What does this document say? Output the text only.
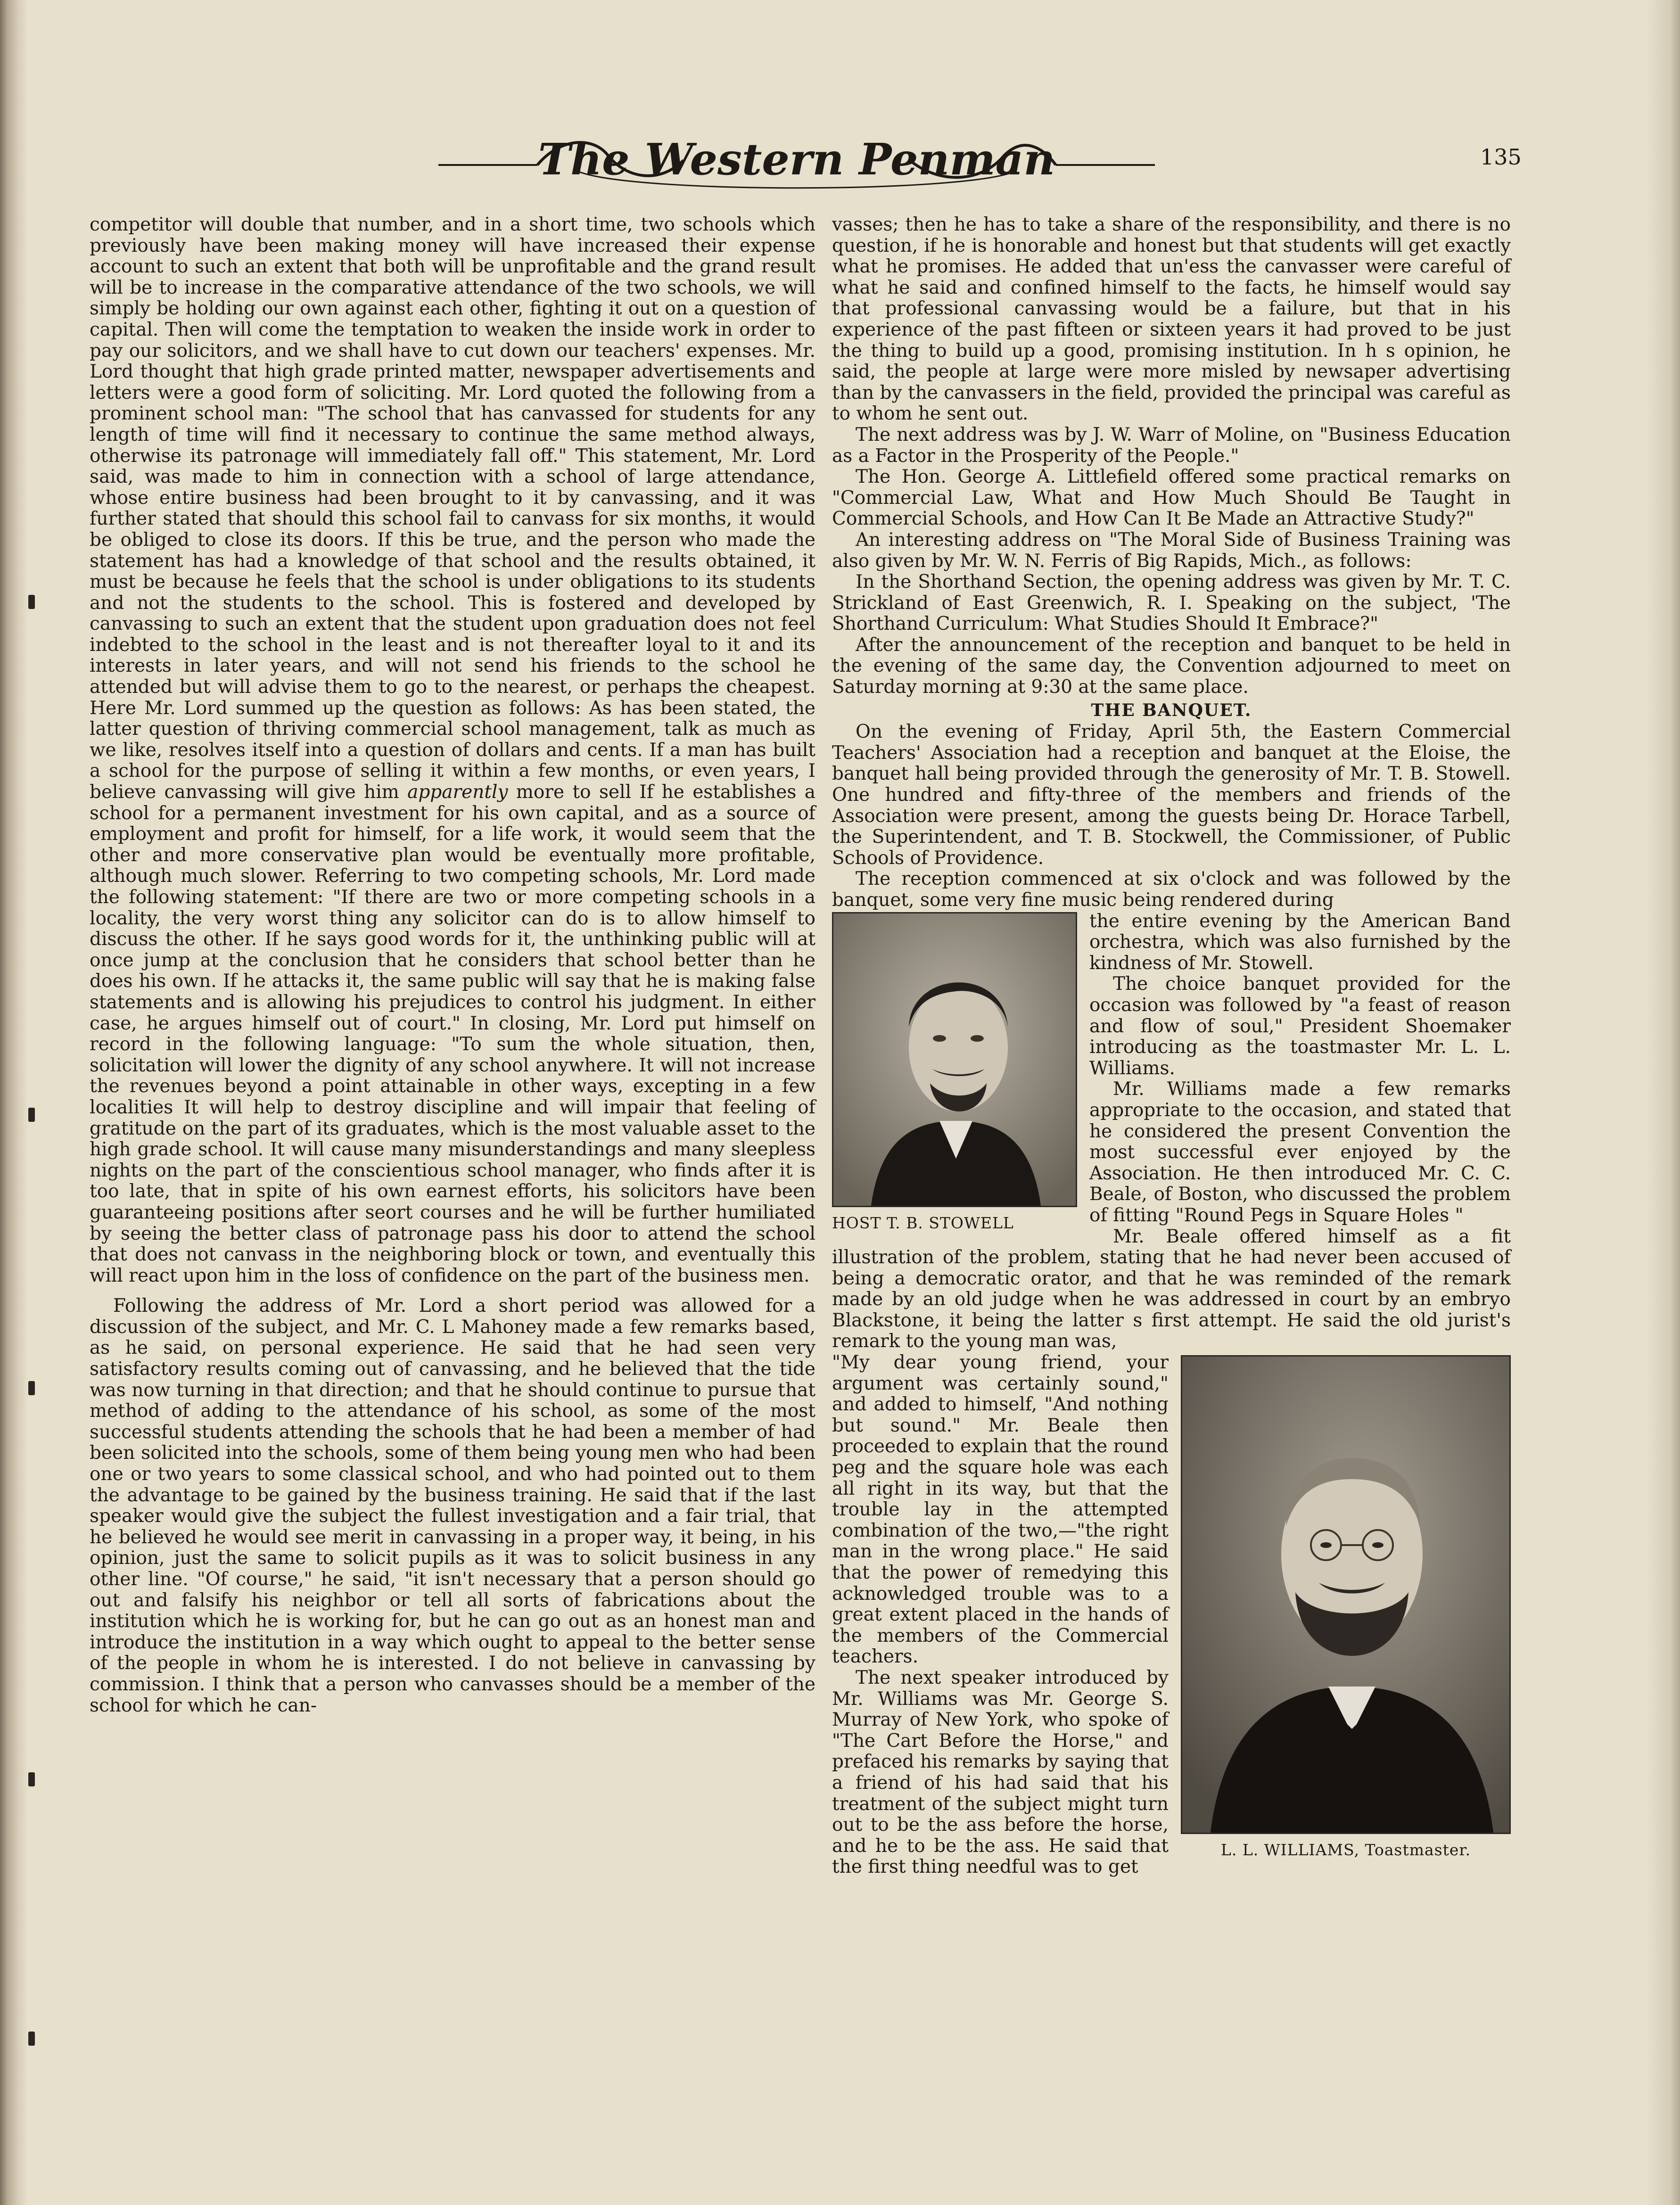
The Western Penman	135

competitor will double that number, and in a short time, two schools which previously have been making money will have increased their expense account to such an extent that both will be unprofitable and the grand result will be to increase in the comparative attendance of the two schools, we will simply be holding our own against each other, fighting it out on a question of capital. Then will come the temptation to weaken the inside work in order to pay our solicitors, and we shall have to cut down our teachers' expenses. Mr. Lord thought that high grade printed matter, newspaper advertisements and letters were a good form of soliciting. Mr. Lord quoted the following from a prominent school man: "The school that has canvassed for students for any length of time will find it necessary to continue the same method always, otherwise its patronage will immediately fall off." This statement, Mr. Lord said, was made to him in connection with a school of large attendance, whose entire business had been brought to it by canvassing, and it was further stated that should this school fail to canvass for six months, it would be obliged to close its doors. If this be true, and the person who made the statement has had a knowledge of that school and the results obtained, it must be because he feels that the school is under obligations to its students and not the students to the school. This is fostered and developed by canvassing to such an extent that the student upon graduation does not feel indebted to the school in the least and is not thereafter loyal to it and its interests in later years, and will not send his friends to the school he attended but will advise them to go to the nearest, or perhaps the cheapest. Here Mr. Lord summed up the question as follows: As has been stated, the latter question of thriving commercial school management, talk as much as we like, resolves itself into a question of dollars and cents. If a man has built a school for the purpose of selling it within a few months, or even years, I believe canvassing will give him apparently more to sell If he establishes a school for a permanent investment for his own capital, and as a source of employment and profit for himself, for a life work, it would seem that the other and more conservative plan would be eventually more profitable, although much slower. Referring to two competing schools, Mr. Lord made the following statement: "If there are two or more competing schools in a locality, the very worst thing any solicitor can do is to allow himself to discuss the other. If he says good words for it, the unthinking public will at once jump at the conclusion that he considers that school better than he does his own. If he attacks it, the same public will say that he is making false statements and is allowing his prejudices to control his judgment. In either case, he argues himself out of court." In closing, Mr. Lord put himself on record in the following language: "To sum the whole situation, then, solicitation will lower the dignity of any school anywhere. It will not increase the revenues beyond a point attainable in other ways, excepting in a few localities It will help to destroy discipline and will impair that feeling of gratitude on the part of its graduates, which is the most valuable asset to the high grade school. It will cause many misunderstandings and many sleepless nights on the part of the conscientious school manager, who finds after it is too late, that in spite of his own earnest efforts, his solicitors have been guaranteeing positions after seort courses and he will be further humiliated by seeing the better class of patronage pass his door to attend the school that does not canvass in the neighboring block or town, and eventually this will react upon him in the loss of confidence on the part of the business men.

Following the address of Mr. Lord a short period was allowed for a discussion of the subject, and Mr. C. L Mahoney made a few remarks based, as he said, on personal experience. He said that he had seen very satisfactory results coming out of canvassing, and he believed that the tide was now turning in that direction; and that he should continue to pursue that method of adding to the attendance of his school, as some of the most successful students attending the schools that he had been a member of had been solicited into the schools, some of them being young men who had been one or two years to some classical school, and who had pointed out to them the advantage to be gained by the business training. He said that if the last speaker would give the subject the fullest investigation and a fair trial, that he believed he would see merit in canvassing in a proper way, it being, in his opinion, just the same to solicit pupils as it was to solicit business in any other line. "Of course," he said, "it isn't necessary that a person should go out and falsify his neighbor or tell all sorts of fabrications about the institution which he is working for, but he can go out as an honest man and introduce the institution in a way which ought to appeal to the better sense of the people in whom he is interested. I do not believe in canvassing by commission. I think that a person who canvasses should be a member of the school for which he can-

vasses; then he has to take a share of the responsibility, and there is no question, if he is honorable and honest but that students will get exactly what he promises. He added that un'ess the canvasser were careful of what he said and confined himself to the facts, he himself would say that professional canvassing would be a failure, but that in his experience of the past fifteen or sixteen years it had proved to be just the thing to build up a good, promising institution. In h s opinion, he said, the people at large were more misled by newsaper advertising than by the canvassers in the field, provided the principal was careful as to whom he sent out.

The next address was by J. W. Warr of Moline, on "Business Education as a Factor in the Prosperity of the People."

The Hon. George A. Littlefield offered some practical remarks on "Commercial Law, What and How Much Should Be Taught in Commercial Schools, and How Can It Be Made an Attractive Study?"

An interesting address on "The Moral Side of Business Training was also given by Mr. W. N. Ferris of Big Rapids, Mich., as follows:

In the Shorthand Section, the opening address was given by Mr. T. C. Strickland of East Greenwich, R. I. Speaking on the subject, 'The Shorthand Curriculum: What Studies Should It Embrace?"

After the announcement of the reception and banquet to be held in the evening of the same day, the Convention adjourned to meet on Saturday morning at 9:30 at the same place.

THE BANQUET.

On the evening of Friday, April 5th, the Eastern Commercial Teachers' Association had a reception and banquet at the Eloise, the banquet hall being provided through the generosity of Mr. T. B. Stowell. One hundred and fifty-three of the members and friends of the Association were present, among the guests being Dr. Horace Tarbell, the Superintendent, and T. B. Stockwell, the Commissioner, of Public Schools of Providence.

The reception commenced at six o'clock and was followed by the banquet, some very fine music being rendered during

HOST T. B. STOWELL

the entire evening by the American Band orchestra, which was also furnished by the kindness of Mr. Stowell.

The choice banquet provided for the occasion was followed by "a feast of reason and flow of soul," President Shoemaker introducing as the toastmaster Mr. L. L. Williams.

Mr. Williams made a few remarks appropriate to the occasion, and stated that he considered the present Convention the most successful ever enjoyed by the Association. He then introduced Mr. C. C. Beale, of Boston, who discussed the problem of fitting "Round Pegs in Square Holes "

Mr. Beale offered himself as a fit illustration of the problem, stating that he had never been accused of being a democratic orator, and that he was reminded of the remark made by an old judge when he was addressed in court by an embryo Blackstone, it being the latter s first attempt. He said the old jurist's remark to the young man was,

L. L. WILLIAMS, Toastmaster.

"My dear young friend, your argument was certainly sound," and added to himself, "And nothing but sound." Mr. Beale then proceeded to explain that the round peg and the square hole was each all right in its way, but that the trouble lay in the attempted combination of the two,—"the right man in the wrong place." He said that the power of remedying this acknowledged trouble was to a great extent placed in the hands of the members of the Commercial teachers.

The next speaker introduced by Mr. Williams was Mr. George S. Murray of New York, who spoke of "The Cart Before the Horse," and prefaced his remarks by saying that a friend of his had said that his treatment of the subject might turn out to be the ass before the horse, and he to be the ass. He said that the first thing needful was to get
